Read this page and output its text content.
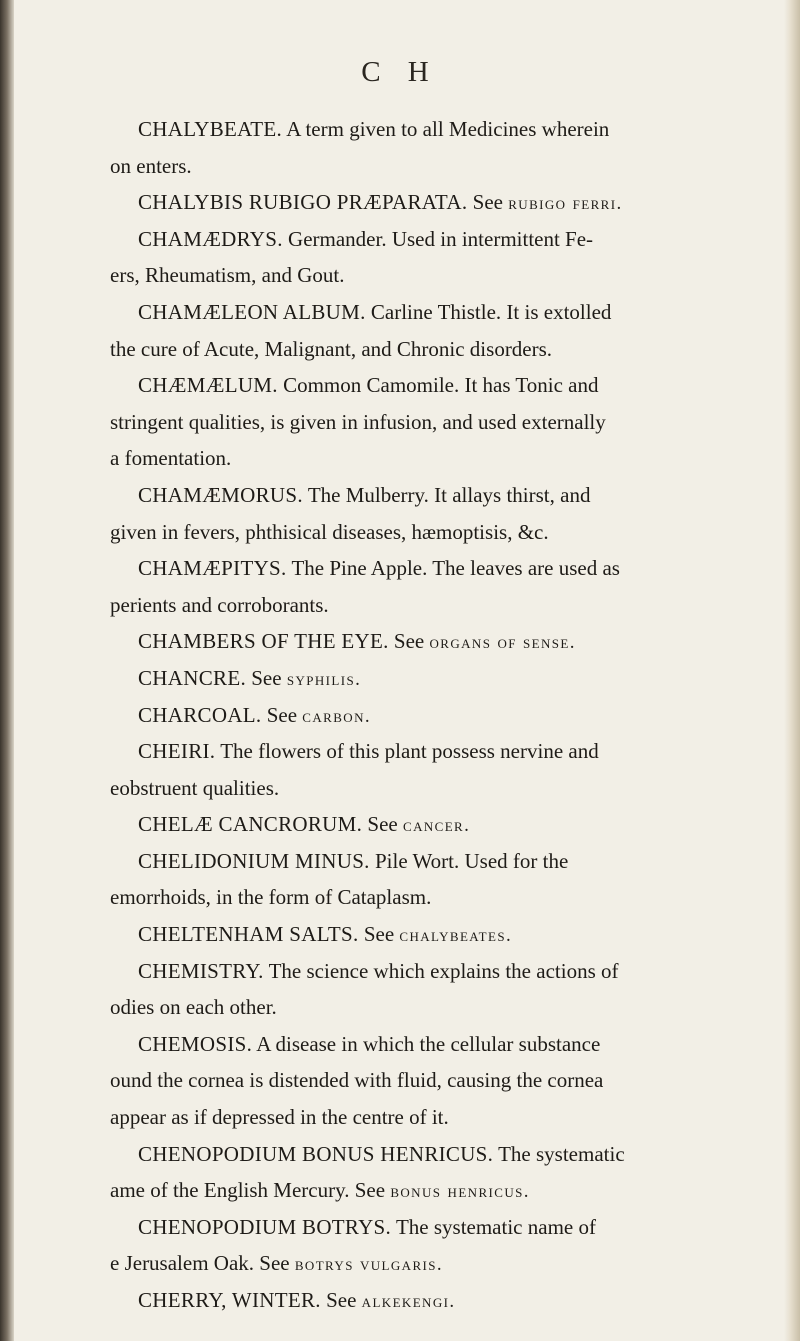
C H
CHALYBEATE. A term given to all Medicines wherein
on enters.
CHALYBIS RUBIGO PRÆPARATA. See rubigo ferri.
CHAMÆDRYS. Germander. Used in intermittent Fe-
ers, Rheumatism, and Gout.
CHAMÆLEON ALBUM. Carline Thistle. It is extolled
the cure of Acute, Malignant, and Chronic disorders.
CHÆMÆLUM. Common Camomile. It has Tonic and
stringent qualities, is given in infusion, and used externally
a fomentation.
CHAMÆMORUS. The Mulberry. It allays thirst, and
given in fevers, phthisical diseases, hæmoptisis, &c.
CHAMÆPITYS. The Pine Apple. The leaves are used as
perients and corroborants.
CHAMBERS OF THE EYE. See organs of sense.
CHANCRE. See syphilis.
CHARCOAL. See carbon.
CHEIRI. The flowers of this plant possess nervine and
eobstruent qualities.
CHELÆ CANCRORUM. See cancer.
CHELIDONIUM MINUS. Pile Wort. Used for the
emorrhoids, in the form of Cataplasm.
CHELTENHAM SALTS. See chalybeates.
CHEMISTRY. The science which explains the actions of
odies on each other.
CHEMOSIS. A disease in which the cellular substance
ound the cornea is distended with fluid, causing the cornea
appear as if depressed in the centre of it.
CHENOPODIUM BONUS HENRICUS. The systematic
ame of the English Mercury. See bonus henricus.
CHENOPODIUM BOTRYS. The systematic name of
e Jerusalem Oak. See botrys vulgaris.
CHERRY, WINTER. See alkekengi.
